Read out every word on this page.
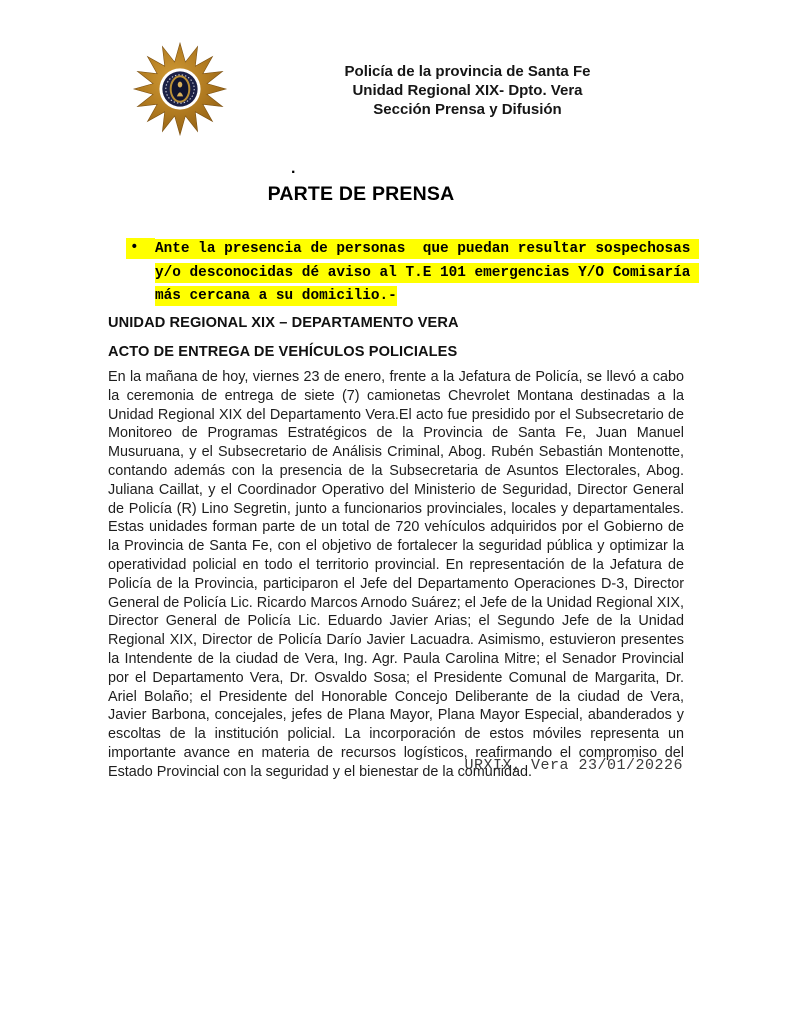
Policía de la provincia de Santa Fe
Unidad Regional XIX- Dpto. Vera
Sección Prensa y Difusión
.
PARTE DE PRENSA
•	Ante la presencia de personas  que puedan resultar sospechosas y/o desconocidas dé aviso al T.E 101 emergencias Y/O Comisaría más cercana a su domicilio.-
UNIDAD REGIONAL XIX – DEPARTAMENTO VERA
ACTO DE ENTREGA DE VEHÍCULOS POLICIALES

En la mañana de hoy, viernes 23 de enero, frente a la Jefatura de Policía, se llevó a cabo la ceremonia de entrega de siete (7) camionetas Chevrolet Montana destinadas a la Unidad Regional XIX del Departamento Vera.El acto fue presidido por el Subsecretario de Monitoreo de Programas Estratégicos de la Provincia de Santa Fe, Juan Manuel Musuruana, y el Subsecretario de Análisis Criminal, Abog. Rubén Sebastián Montenotte, contando además con la presencia de la Subsecretaria de Asuntos Electorales, Abog. Juliana Caillat, y el Coordinador Operativo del Ministerio de Seguridad, Director General de Policía (R) Lino Segretin, junto a funcionarios provinciales, locales y departamentales. Estas unidades forman parte de un total de 720 vehículos adquiridos por el Gobierno de la Provincia de Santa Fe, con el objetivo de fortalecer la seguridad pública y optimizar la operatividad policial en todo el territorio provincial. En representación de la Jefatura de Policía de la Provincia, participaron el Jefe del Departamento Operaciones D-3, Director General de Policía Lic. Ricardo Marcos Arnodo Suárez; el Jefe de la Unidad Regional XIX, Director General de Policía Lic. Eduardo Javier Arias; el Segundo Jefe de la Unidad Regional XIX, Director de Policía Darío Javier Lacuadra. Asimismo, estuvieron presentes la Intendente de la ciudad de Vera, Ing. Agr. Paula Carolina Mitre; el Senador Provincial por el Departamento Vera, Dr. Osvaldo Sosa; el Presidente Comunal de Margarita, Dr. Ariel Bolaño; el Presidente del Honorable Concejo Deliberante de la ciudad de Vera, Javier Barbona, concejales, jefes de Plana Mayor, Plana Mayor Especial, abanderados y escoltas de la institución policial. La incorporación de estos móviles representa un importante avance en materia de recursos logísticos, reafirmando el compromiso del Estado Provincial con la seguridad y el bienestar de la comunidad.

URXIX, Vera 23/01/20226
